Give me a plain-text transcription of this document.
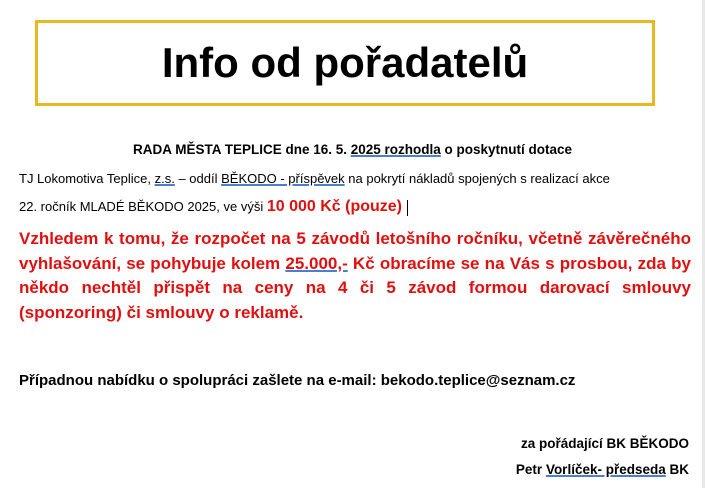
Info od pořadatelů
RADA MĚSTA TEPLICE dne 16. 5. 2025 rozhodla o poskytnutí dotace
TJ Lokomotiva Teplice, z.s. – oddíl BĚKODO - příspěvek na pokrytí nákladů spojených s realizací akce
22. ročník MLADÉ BĚKODO 2025, ve výši 10 000 Kč (pouze)
Vzhledem k tomu, že rozpočet na 5 závodů letošního ročníku, včetně závěrečného vyhlašování, se pohybuje kolem 25.000,- Kč obracíme se na Vás s prosbou, zda by někdo nechtěl přispět na ceny na 4 či 5 závod formou darovací smlouvy (sponzoring) či smlouvy o reklamě.
Případnou nabídku o spolupráci zašlete na e-mail: bekodo.teplice@seznam.cz
za pořádající BK BĚKODO
Petr Vorlíček- předseda BK
